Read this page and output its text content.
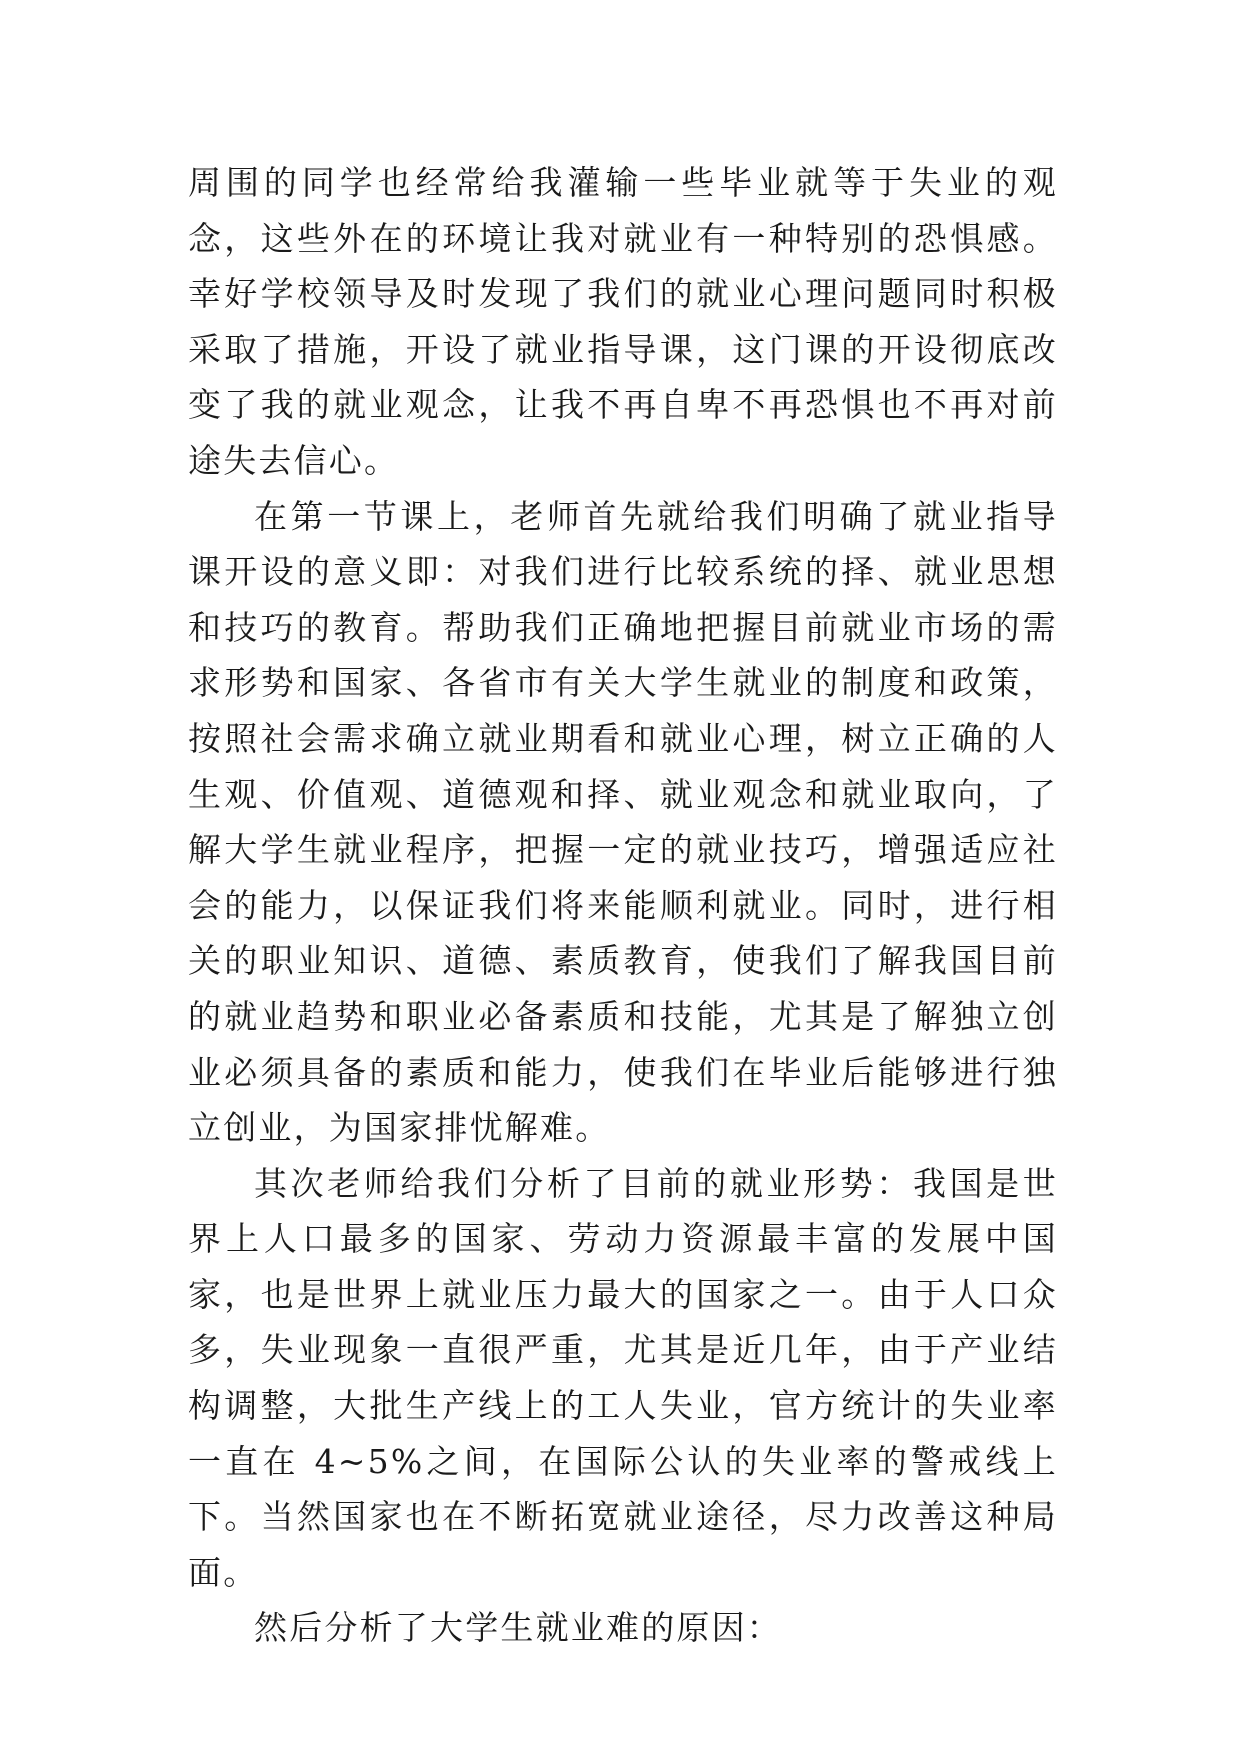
周围的同学也经常给我灌输一些毕业就等于失业的观念，这些外在的环境让我对就业有一种特别的恐惧感。幸好学校领导及时发现了我们的就业心理问题同时积极采取了措施，开设了就业指导课，这门课的开设彻底改变了我的就业观念，让我不再自卑不再恐惧也不再对前途失去信心。

在第一节课上，老师首先就给我们明确了就业指导课开设的意义即：对我们进行比较系统的择、就业思想和技巧的教育。帮助我们正确地把握目前就业市场的需求形势和国家、各省市有关大学生就业的制度和政策，按照社会需求确立就业期看和就业心理，树立正确的人生观、价值观、道德观和择、就业观念和就业取向，了解大学生就业程序，把握一定的就业技巧，增强适应社会的能力，以保证我们将来能顺利就业。同时，进行相关的职业知识、道德、素质教育，使我们了解我国目前的就业趋势和职业必备素质和技能，尤其是了解独立创业必须具备的素质和能力，使我们在毕业后能够进行独立创业，为国家排忧解难。

其次老师给我们分析了目前的就业形势：我国是世界上人口最多的国家、劳动力资源最丰富的发展中国家，也是世界上就业压力最大的国家之一。由于人口众多，失业现象一直很严重，尤其是近几年，由于产业结构调整，大批生产线上的工人失业，官方统计的失业率一直在 4~5%之间，在国际公认的失业率的警戒线上下。当然国家也在不断拓宽就业途径，尽力改善这种局面。

然后分析了大学生就业难的原因：
